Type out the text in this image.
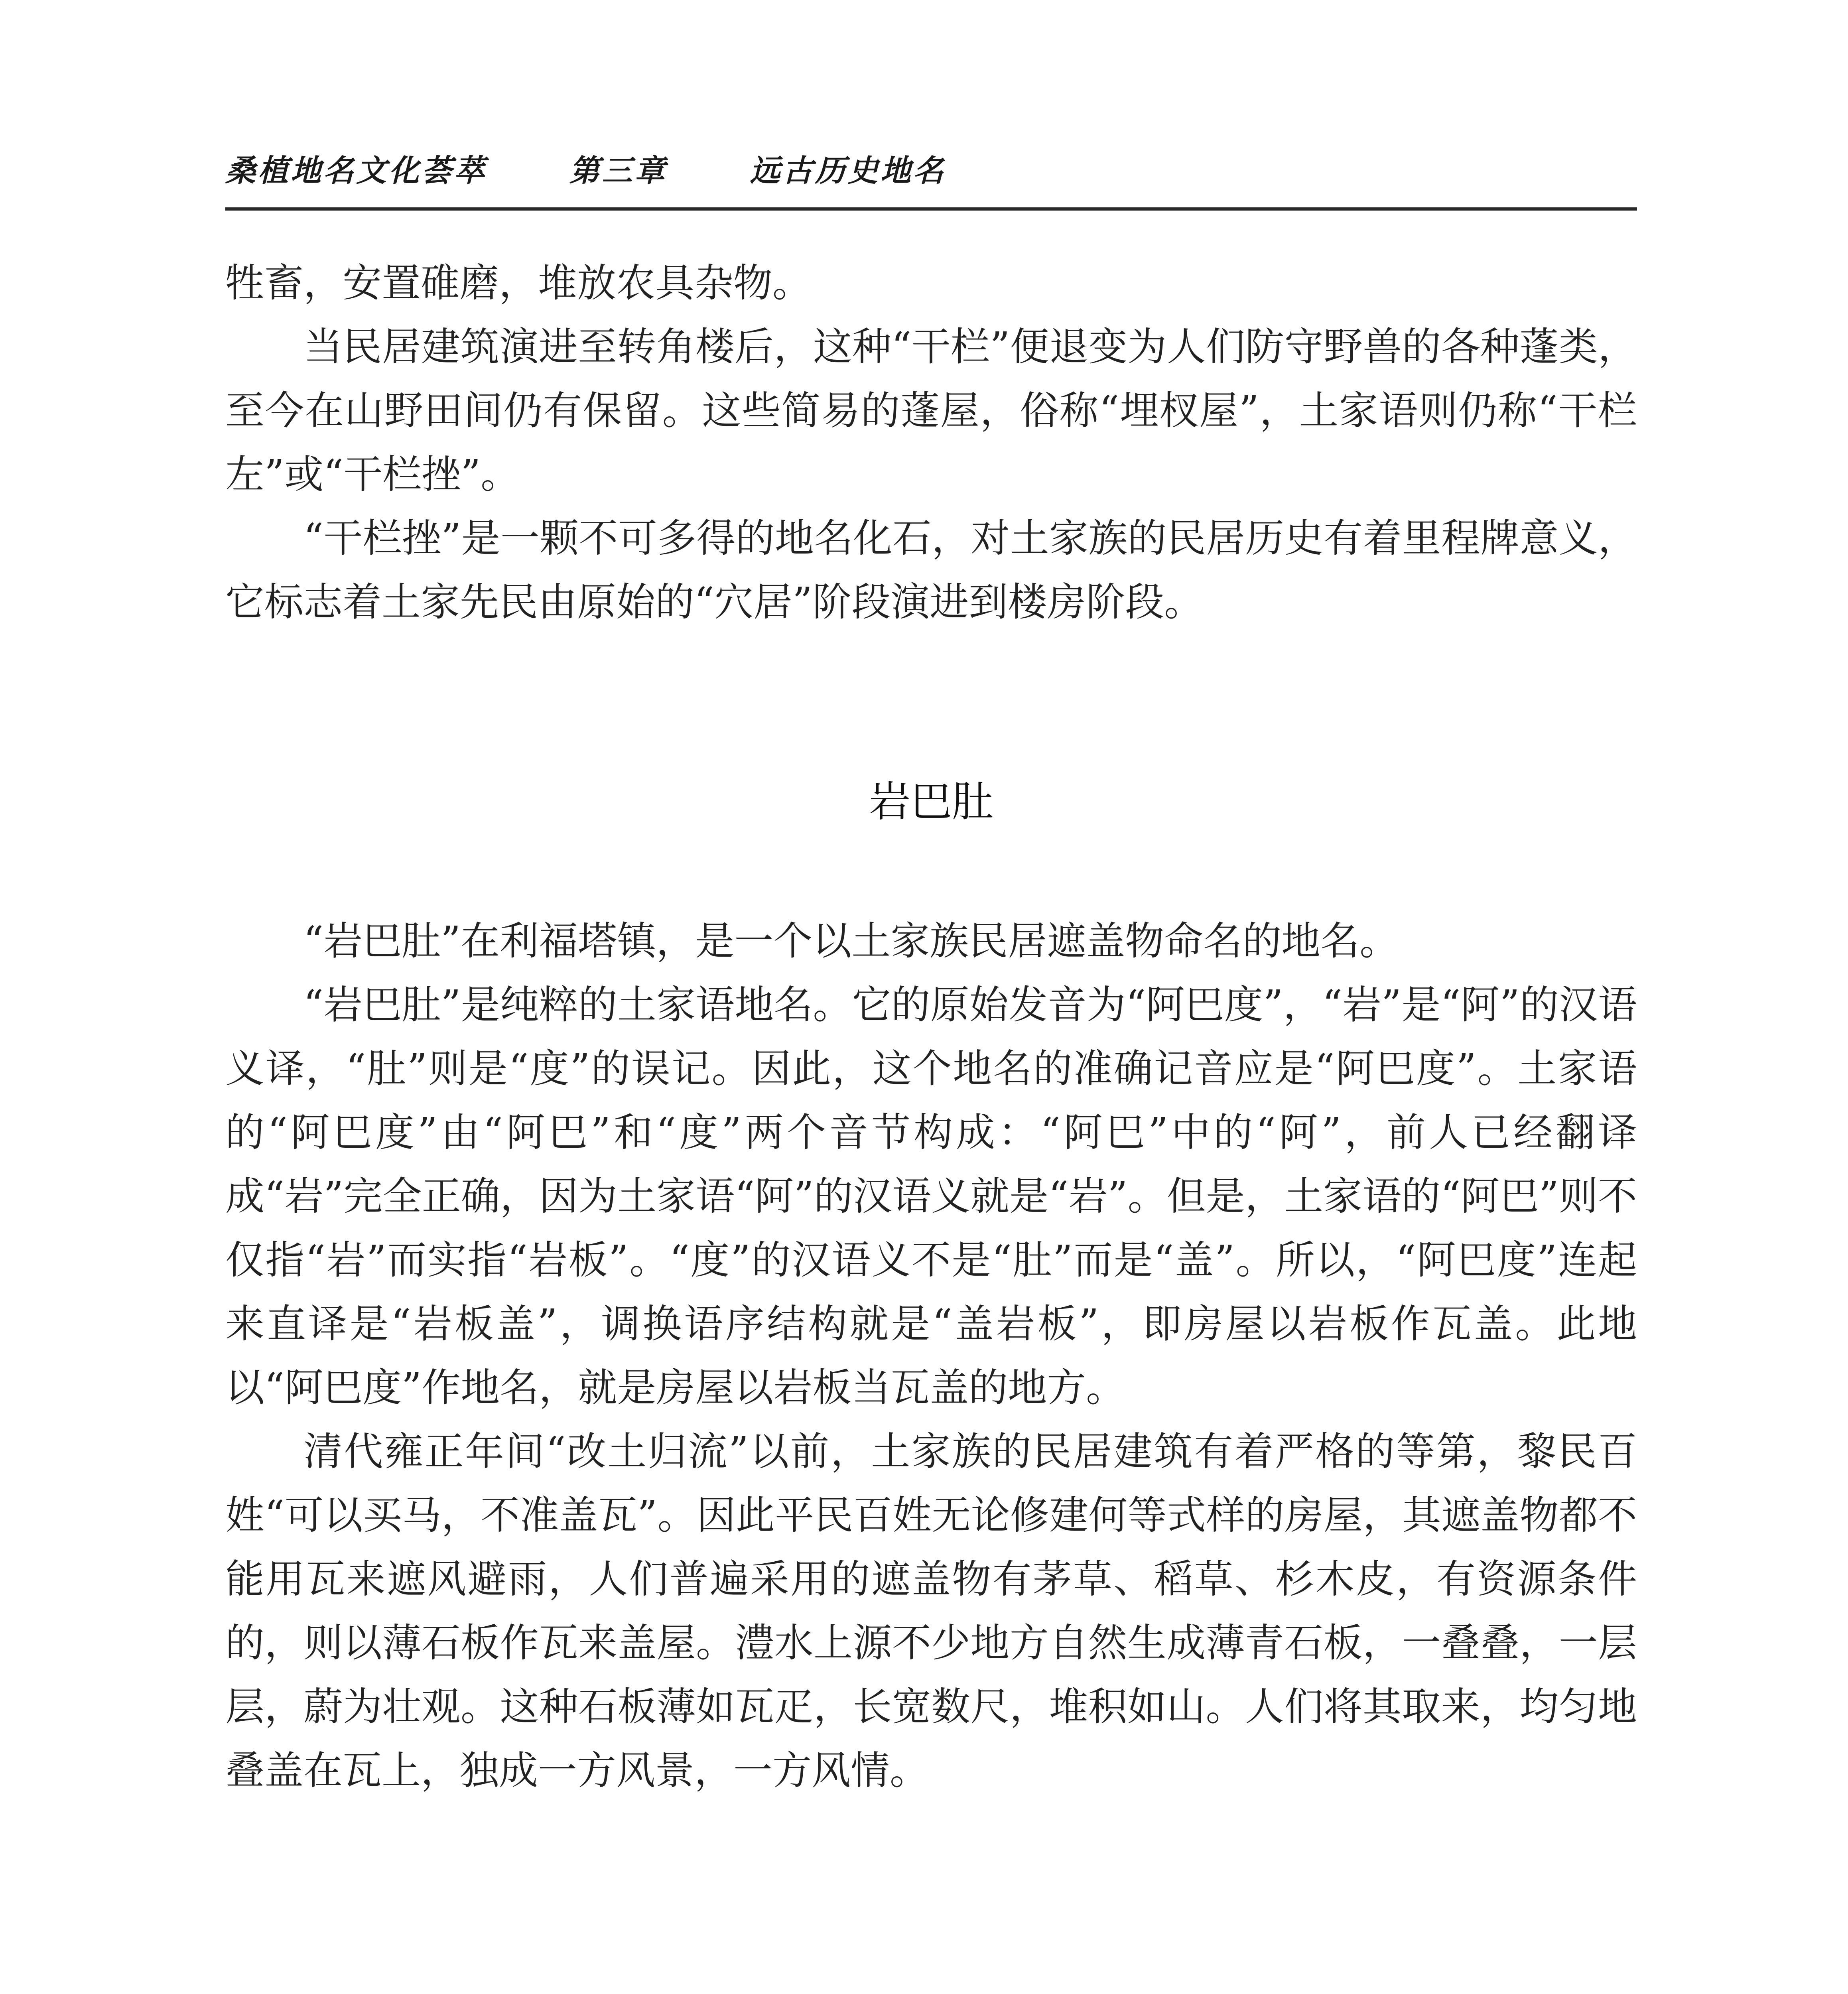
桑植地名文化荟萃	第三章	远古历史地名

牲畜，安置碓磨，堆放农具杂物。

当民居建筑演进至转角楼后，这种“干栏”便退变为人们防守野兽的各种蓬类，至今在山野田间仍有保留。这些简易的蓬屋，俗称“埋杈屋”，土家语则仍称“干栏左”或“干栏挫”。

“干栏挫”是一颗不可多得的地名化石，对土家族的民居历史有着里程牌意义，它标志着土家先民由原始的“穴居”阶段演进到楼房阶段。

岩巴肚

“岩巴肚”在利福塔镇，是一个以土家族民居遮盖物命名的地名。

“岩巴肚”是纯粹的土家语地名。它的原始发音为“阿巴度”，“岩”是“阿”的汉语义译，“肚”则是“度”的误记。因此，这个地名的准确记音应是“阿巴度”。土家语的“阿巴度”由“阿巴”和“度”两个音节构成：“阿巴”中的“阿”，前人已经翻译成“岩”完全正确，因为土家语“阿”的汉语义就是“岩”。但是，土家语的“阿巴”则不仅指“岩”而实指“岩板”。“度”的汉语义不是“肚”而是“盖”。所以，“阿巴度”连起来直译是“岩板盖”，调换语序结构就是“盖岩板”，即房屋以岩板作瓦盖。此地以“阿巴度”作地名，就是房屋以岩板当瓦盖的地方。

清代雍正年间“改土归流”以前，土家族的民居建筑有着严格的等第，黎民百姓“可以买马，不准盖瓦”。因此平民百姓无论修建何等式样的房屋，其遮盖物都不能用瓦来遮风避雨，人们普遍采用的遮盖物有茅草、稻草、杉木皮，有资源条件的，则以薄石板作瓦来盖屋。澧水上源不少地方自然生成薄青石板，一叠叠，一层层，蔚为壮观。这种石板薄如瓦疋，长宽数尺，堆积如山。人们将其取来，均匀地叠盖在瓦上，独成一方风景，一方风情。
